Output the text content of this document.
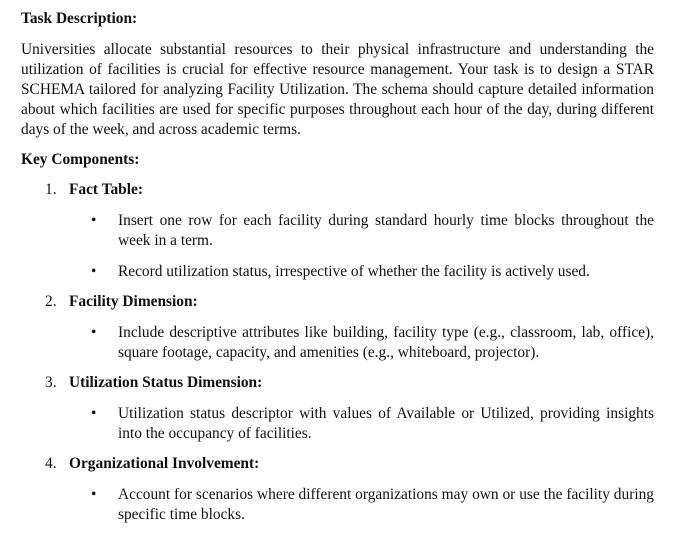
Task Description:

Universities allocate substantial resources to their physical infrastructure and understanding the utilization of facilities is crucial for effective resource management. Your task is to design a STAR SCHEMA tailored for analyzing Facility Utilization. The schema should capture detailed information about which facilities are used for specific purposes throughout each hour of the day, during different days of the week, and across academic terms.

Key Components:

1. Fact Table:
• Insert one row for each facility during standard hourly time blocks throughout the week in a term.
• Record utilization status, irrespective of whether the facility is actively used.
2. Facility Dimension:
• Include descriptive attributes like building, facility type (e.g., classroom, lab, office), square footage, capacity, and amenities (e.g., whiteboard, projector).
3. Utilization Status Dimension:
• Utilization status descriptor with values of Available or Utilized, providing insights into the occupancy of facilities.
4. Organizational Involvement:
• Account for scenarios where different organizations may own or use the facility during specific time blocks.
